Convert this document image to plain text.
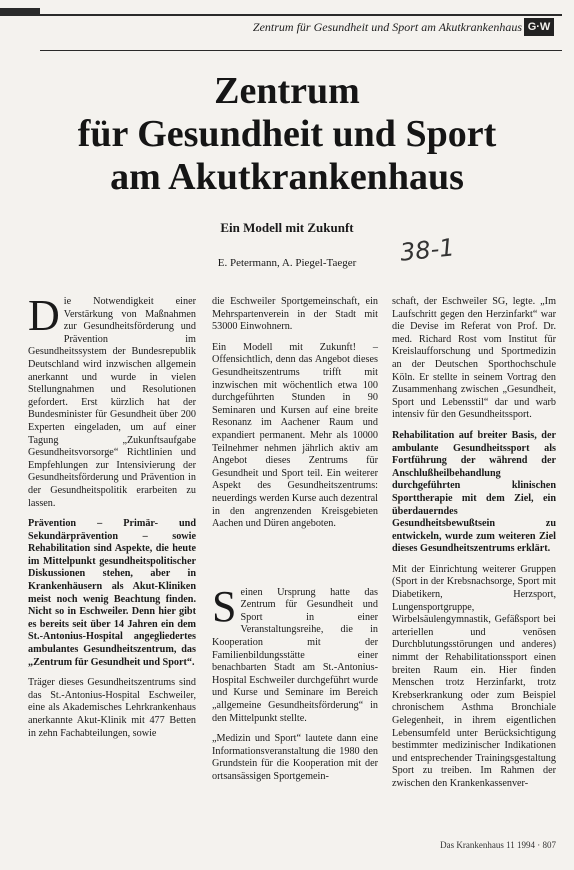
Zentrum für Gesundheit und Sport am Akutkrankenhaus G·W
Zentrum
für Gesundheit und Sport
am Akutkrankenhaus
Ein Modell mit Zukunft
38-1
E. Petermann, A. Piegel-Taeger

Die Notwendigkeit einer Verstärkung von Maßnahmen zur Gesundheitsförderung und Prävention im Gesundheitssystem der Bundesrepublik Deutschland wird inzwischen allgemein anerkannt und wurde in vielen Stellungnahmen und Resolutionen gefordert. Erst kürzlich hat der Bundesminister für Gesundheit über 200 Experten eingeladen, um auf einer Tagung „Zukunftsaufgabe Gesundheitsvorsorge“ Richtlinien und Empfehlungen zur Intensivierung der Gesundheitsförderung und Prävention in der Gesundheitspolitik erarbeiten zu lassen.

Prävention – Primär- und Sekundärprävention – sowie Rehabilitation sind Aspekte, die heute im Mittelpunkt gesundheitspolitischer Diskussionen stehen, aber in Krankenhäusern als Akut-Kliniken meist noch wenig Beachtung finden. Nicht so in Eschweiler. Denn hier gibt es bereits seit über 14 Jahren ein dem St.-Antonius-Hospital angegliedertes ambulantes Gesundheitszentrum, das „Zentrum für Gesundheit und Sport“.

Träger dieses Gesundheitszentrums sind das St.-Antonius-Hospital Eschweiler, eine als Akademisches Lehrkrankenhaus anerkannte Akut-Klinik mit 477 Betten in zehn Fachabteilungen, sowie

die Eschweiler Sportgemeinschaft, ein Mehrspartenverein in der Stadt mit 53000 Einwohnern.

Ein Modell mit Zukunft! – Offensichtlich, denn das Angebot dieses Gesundheitszentrums trifft mit inzwischen mit wöchentlich etwa 100 durchgeführten Stunden in 90 Seminaren und Kursen auf eine breite Resonanz im Aachener Raum und expandiert permanent. Mehr als 10000 Teilnehmer nehmen jährlich aktiv am Angebot dieses Zentrums für Gesundheit und Sport teil. Ein weiterer Aspekt des Gesundheitszentrums: neuerdings werden Kurse auch dezentral in den angrenzenden Kreisgebieten Aachen und Düren angeboten.

Seinen Ursprung hatte das Zentrum für Gesundheit und Sport in einer Veranstaltungsreihe, die in Kooperation mit der Familienbildungsstätte einer benachbarten Stadt am St.-Antonius-Hospital Eschweiler durchgeführt wurde und Kurse und Seminare im Bereich „allgemeine Gesundheitsförderung“ in den Mittelpunkt stellte.

„Medizin und Sport“ lautete dann eine Informationsveranstaltung die 1980 den Grundstein für die Kooperation mit der ortsansässigen Sportgemein-

schaft, der Eschweiler SG, legte. „Im Laufschritt gegen den Herzinfarkt“ war die Devise im Referat von Prof. Dr. med. Richard Rost vom Institut für Kreislaufforschung und Sportmedizin an der Deutschen Sporthochschule Köln. Er stellte in seinem Vortrag den Zusammenhang zwischen „Gesundheit, Sport und Lebensstil“ dar und warb intensiv für den Gesundheitssport.

Rehabilitation auf breiter Basis, der ambulante Gesundheitssport als Fortführung der während der Anschlußheilbehandlung durchgeführten klinischen Sporttherapie mit dem Ziel, ein überdauerndes Gesundheitsbewußtsein zu entwickeln, wurde zum weiteren Ziel dieses Gesundheitszentrums erklärt.

Mit der Einrichtung weiterer Gruppen (Sport in der Krebsnachsorge, Sport mit Diabetikern, Herzsport, Lungensportgruppe, Wirbelsäulengymnastik, Gefäßsport bei arteriellen und venösen Durchblutungsstörungen und anderes) nimmt der Rehabilitationssport einen breiten Raum ein. Hier finden Menschen trotz Herzinfarkt, trotz Krebserkrankung oder zum Beispiel chronischem Asthma Bronchiale Gelegenheit, in ihrem eigentlichen Lebensumfeld unter Berücksichtigung bestimmter medizinischer Indikationen und entsprechender Trainingsgestaltung Sport zu treiben. Im Rahmen der zwischen den Krankenkassenver-

Das Krankenhaus 11 1994 · 807
